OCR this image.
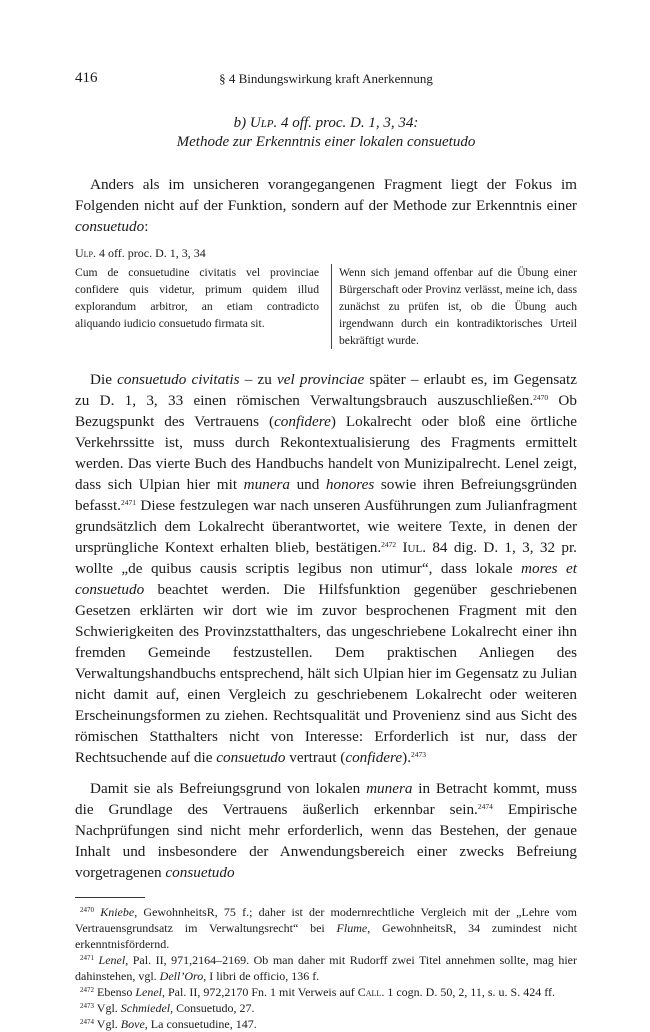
416	§ 4 Bindungswirkung kraft Anerkennung
b) Ulp. 4 off. proc. D. 1, 3, 34:
Methode zur Erkenntnis einer lokalen consuetudo

Anders als im unsicheren vorangegangenen Fragment liegt der Fokus im Folgenden nicht auf der Funktion, sondern auf der Methode zur Erkenntnis einer consuetudo:

Ulp. 4 off. proc. D. 1, 3, 34
Cum de consuetudine civitatis vel provinciae confidere quis videtur, primum quidem illud explorandum arbitror, an etiam contradicto aliquando iudicio consuetudo firmata sit.
Wenn sich jemand offenbar auf die Übung einer Bürgerschaft oder Provinz verlässt, meine ich, dass zunächst zu prüfen ist, ob die Übung auch irgendwann durch ein kontradiktorisches Urteil bekräftigt wurde.

Die consuetudo civitatis – zu vel provinciae später – erlaubt es, im Gegensatz zu D. 1, 3, 33 einen römischen Verwaltungsbrauch auszuschließen.$^{2470}$ Ob Bezugspunkt des Vertrauens (confidere) Lokalrecht oder bloß eine örtliche Verkehrssitte ist, muss durch Rekontextualisierung des Fragments ermittelt werden. Das vierte Buch des Handbuchs handelt von Munizipalrecht. Lenel zeigt, dass sich Ulpian hier mit munera und honores sowie ihren Befreiungsgründen befasst.$^{2471}$ Diese festzulegen war nach unseren Ausführungen zum Julianfragment grundsätzlich dem Lokalrecht überantwortet, wie weitere Texte, in denen der ursprüngliche Kontext erhalten blieb, bestätigen.$^{2472}$ Iul. 84 dig. D. 1, 3, 32 pr. wollte „de quibus causis scriptis legibus non utimur“, dass lokale mores et consuetudo beachtet werden. Die Hilfsfunktion gegenüber geschriebenen Gesetzen erklärten wir dort wie im zuvor besprochenen Fragment mit den Schwierigkeiten des Provinzstatthalters, das ungeschriebene Lokalrecht einer ihn fremden Gemeinde festzustellen. Dem praktischen Anliegen des Verwaltungshandbuchs entsprechend, hält sich Ulpian hier im Gegensatz zu Julian nicht damit auf, einen Vergleich zu geschriebenem Lokalrecht oder weiteren Erscheinungsformen zu ziehen. Rechtsqualität und Provenienz sind aus Sicht des römischen Statthalters nicht von Interesse: Erforderlich ist nur, dass der Rechtsuchende auf die consuetudo vertraut (confidere).$^{2473}$

Damit sie als Befreiungsgrund von lokalen munera in Betracht kommt, muss die Grundlage des Vertrauens äußerlich erkennbar sein.$^{2474}$ Empirische Nachprüfungen sind nicht mehr erforderlich, wenn das Bestehen, der genaue Inhalt und insbesondere der Anwendungsbereich einer zwecks Befreiung vorgetragenen consuetudo

$^{2470}$ Kniebe, GewohnheitsR, 75 f.; daher ist der modernrechtliche Vergleich mit der „Lehre vom Vertrauensgrundsatz im Verwaltungsrecht“ bei Flume, GewohnheitsR, 34 zumindest nicht erkenntnisfördernd.

$^{2471}$ Lenel, Pal. II, 971,2164–2169. Ob man daher mit Rudorff zwei Titel annehmen sollte, mag hier dahinstehen, vgl. Dell’Oro, I libri de officio, 136 f.

$^{2472}$ Ebenso Lenel, Pal. II, 972,2170 Fn. 1 mit Verweis auf Call. 1 cogn. D. 50, 2, 11, s. u. S. 424 ff.

$^{2473}$ Vgl. Schmiedel, Consuetudo, 27.

$^{2474}$ Vgl. Bove, La consuetudine, 147.
